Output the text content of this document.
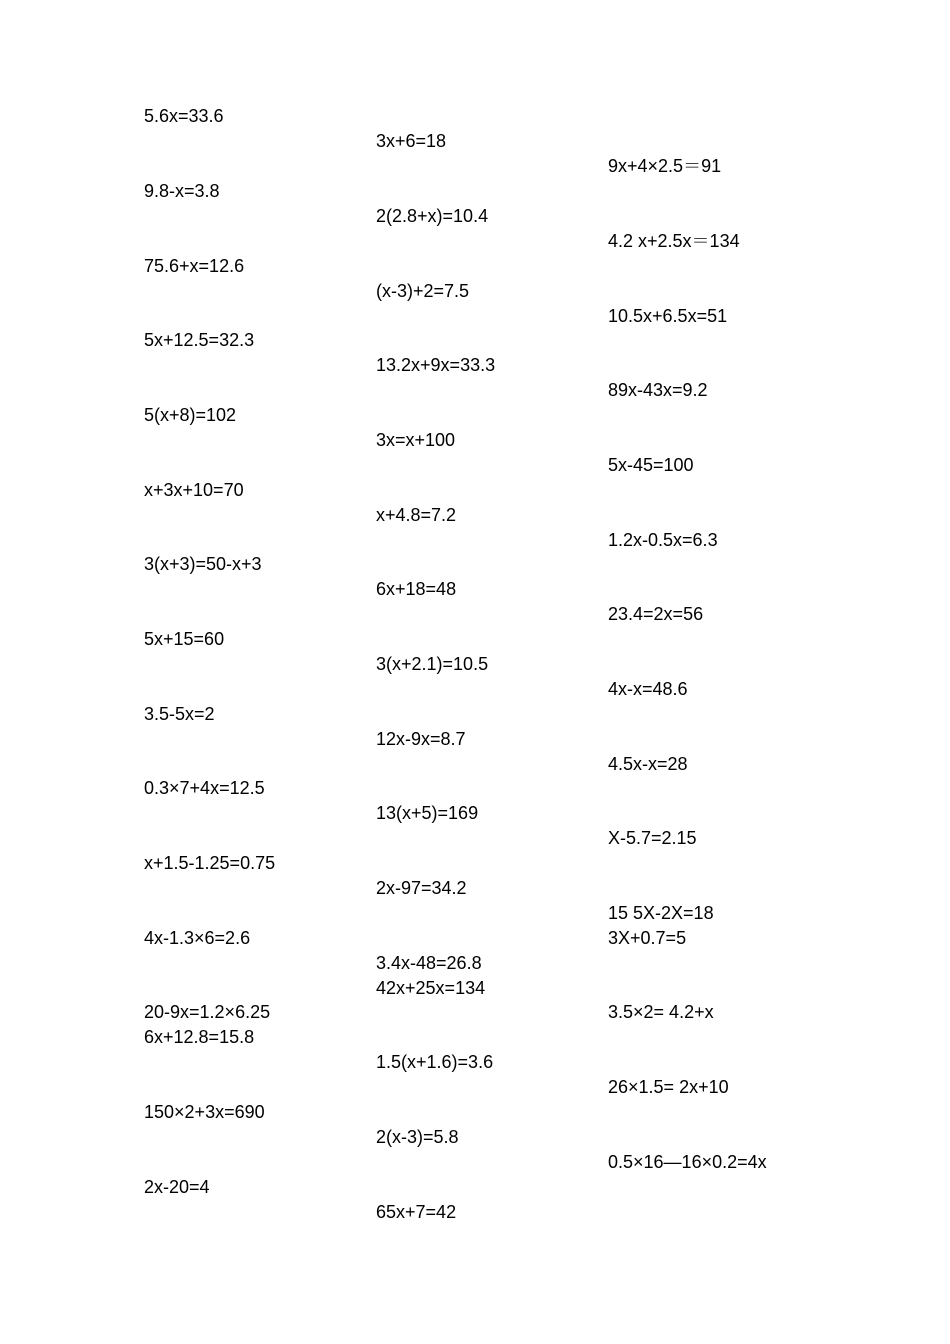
5.6x=33.6
9.8-x=3.8
75.6+x=12.6
5x+12.5=32.3
5(x+8)=102
x+3x+10=70
3(x+3)=50-x+3
5x+15=60
3.5-5x=2
0.3×7+4x=12.5
x+1.5-1.25=0.75
4x-1.3×6=2.6
20-9x=1.2×6.25
6x+12.8=15.8
150×2+3x=690
2x-20=4
3x+6=18
2(2.8+x)=10.4
(x-3)+2=7.5
13.2x+9x=33.3
3x=x+100
x+4.8=7.2
6x+18=48
3(x+2.1)=10.5
12x-9x=8.7
13(x+5)=169
2x-97=34.2
3.4x-48=26.8
42x+25x=134
1.5(x+1.6)=3.6
2(x-3)=5.8
65x+7=42
9x+4×2.5＝91
4.2 x+2.5x＝134
10.5x+6.5x=51
89x-43x=9.2
5x-45=100
1.2x-0.5x=6.3
23.4=2x=56
4x-x=48.6
4.5x-x=28
X-5.7=2.15
15 5X-2X=18
3X+0.7=5
3.5×2= 4.2+x
26×1.5= 2x+10
0.5×16—16×0.2=4x
